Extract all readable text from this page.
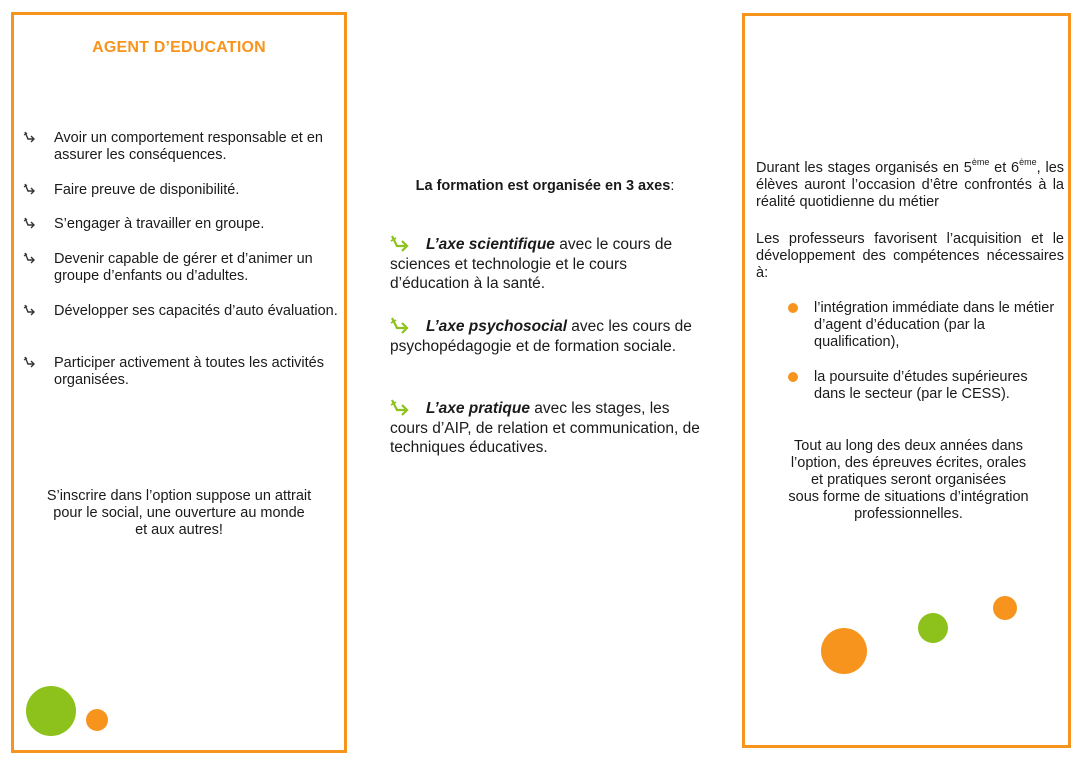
AGENT D’EDUCATION
Avoir un comportement responsable et en assurer les conséquences.
Faire preuve de disponibilité.
S’engager à travailler en groupe.
Devenir capable de gérer et d’animer un groupe d’enfants ou d’adultes.
Développer ses capacités d’auto évaluation.
Participer activement à toutes les activités organisées.
S’inscrire dans l’option suppose un attrait
pour le social, une ouverture au monde
et aux autres!
La formation est organisée en 3 axes:
L’axe scientifique avec le cours de sciences et technologie et le cours d’éducation à la santé.
L’axe psychosocial avec les cours de psychopédagogie et de formation sociale.
L’axe pratique avec les stages, les cours d’AIP, de relation et communication, de techniques éducatives.
Durant les stages organisés en 5ème et 6ème, les élèves auront l’occasion d’être confrontés à la réalité quotidienne du métier
Les professeurs favorisent l’acquisition et le développement des compétences nécessaires à:
l’intégration immédiate dans le métier d’agent d’éducation (par la qualification),
la poursuite d’études supérieures dans le secteur (par le CESS).
Tout au long des deux années dans
l’option, des épreuves écrites, orales
et pratiques seront organisées
sous forme de situations d’intégration
professionnelles.
